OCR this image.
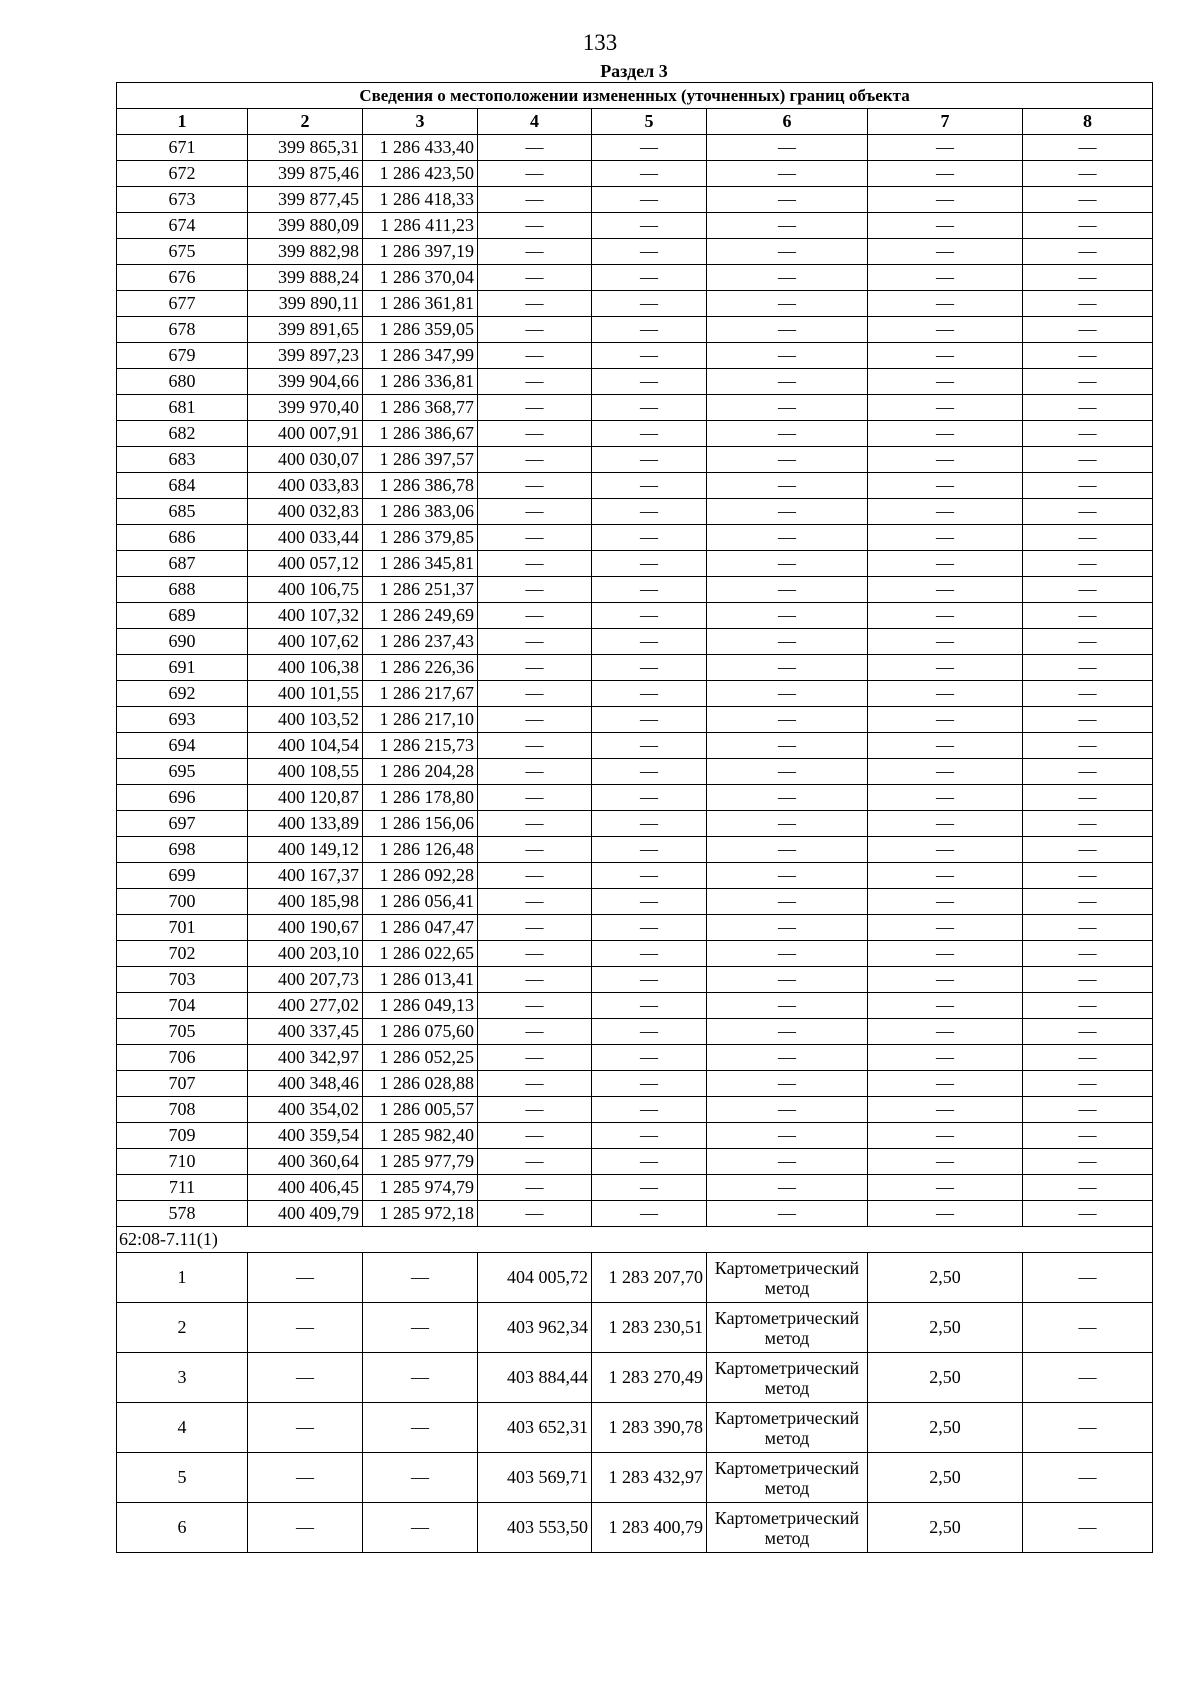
133
Раздел 3
Сведения о местоположении измененных (уточненных) границ объекта							
1	2	3	4	5	6	7	8
671	399 865,31	1 286 433,40	—	—	—	—	—
672	399 875,46	1 286 423,50	—	—	—	—	—
673	399 877,45	1 286 418,33	—	—	—	—	—
674	399 880,09	1 286 411,23	—	—	—	—	—
675	399 882,98	1 286 397,19	—	—	—	—	—
676	399 888,24	1 286 370,04	—	—	—	—	—
677	399 890,11	1 286 361,81	—	—	—	—	—
678	399 891,65	1 286 359,05	—	—	—	—	—
679	399 897,23	1 286 347,99	—	—	—	—	—
680	399 904,66	1 286 336,81	—	—	—	—	—
681	399 970,40	1 286 368,77	—	—	—	—	—
682	400 007,91	1 286 386,67	—	—	—	—	—
683	400 030,07	1 286 397,57	—	—	—	—	—
684	400 033,83	1 286 386,78	—	—	—	—	—
685	400 032,83	1 286 383,06	—	—	—	—	—
686	400 033,44	1 286 379,85	—	—	—	—	—
687	400 057,12	1 286 345,81	—	—	—	—	—
688	400 106,75	1 286 251,37	—	—	—	—	—
689	400 107,32	1 286 249,69	—	—	—	—	—
690	400 107,62	1 286 237,43	—	—	—	—	—
691	400 106,38	1 286 226,36	—	—	—	—	—
692	400 101,55	1 286 217,67	—	—	—	—	—
693	400 103,52	1 286 217,10	—	—	—	—	—
694	400 104,54	1 286 215,73	—	—	—	—	—
695	400 108,55	1 286 204,28	—	—	—	—	—
696	400 120,87	1 286 178,80	—	—	—	—	—
697	400 133,89	1 286 156,06	—	—	—	—	—
698	400 149,12	1 286 126,48	—	—	—	—	—
699	400 167,37	1 286 092,28	—	—	—	—	—
700	400 185,98	1 286 056,41	—	—	—	—	—
701	400 190,67	1 286 047,47	—	—	—	—	—
702	400 203,10	1 286 022,65	—	—	—	—	—
703	400 207,73	1 286 013,41	—	—	—	—	—
704	400 277,02	1 286 049,13	—	—	—	—	—
705	400 337,45	1 286 075,60	—	—	—	—	—
706	400 342,97	1 286 052,25	—	—	—	—	—
707	400 348,46	1 286 028,88	—	—	—	—	—
708	400 354,02	1 286 005,57	—	—	—	—	—
709	400 359,54	1 285 982,40	—	—	—	—	—
710	400 360,64	1 285 977,79	—	—	—	—	—
711	400 406,45	1 285 974,79	—	—	—	—	—
578	400 409,79	1 285 972,18	—	—	—	—	—
62:08-7.11(1)							
1	—	—	404 005,72	1 283 207,70	Картометрический метод	2,50	—
2	—	—	403 962,34	1 283 230,51	Картометрический метод	2,50	—
3	—	—	403 884,44	1 283 270,49	Картометрический метод	2,50	—
4	—	—	403 652,31	1 283 390,78	Картометрический метод	2,50	—
5	—	—	403 569,71	1 283 432,97	Картометрический метод	2,50	—
6	—	—	403 553,50	1 283 400,79	Картометрический метод	2,50	—
